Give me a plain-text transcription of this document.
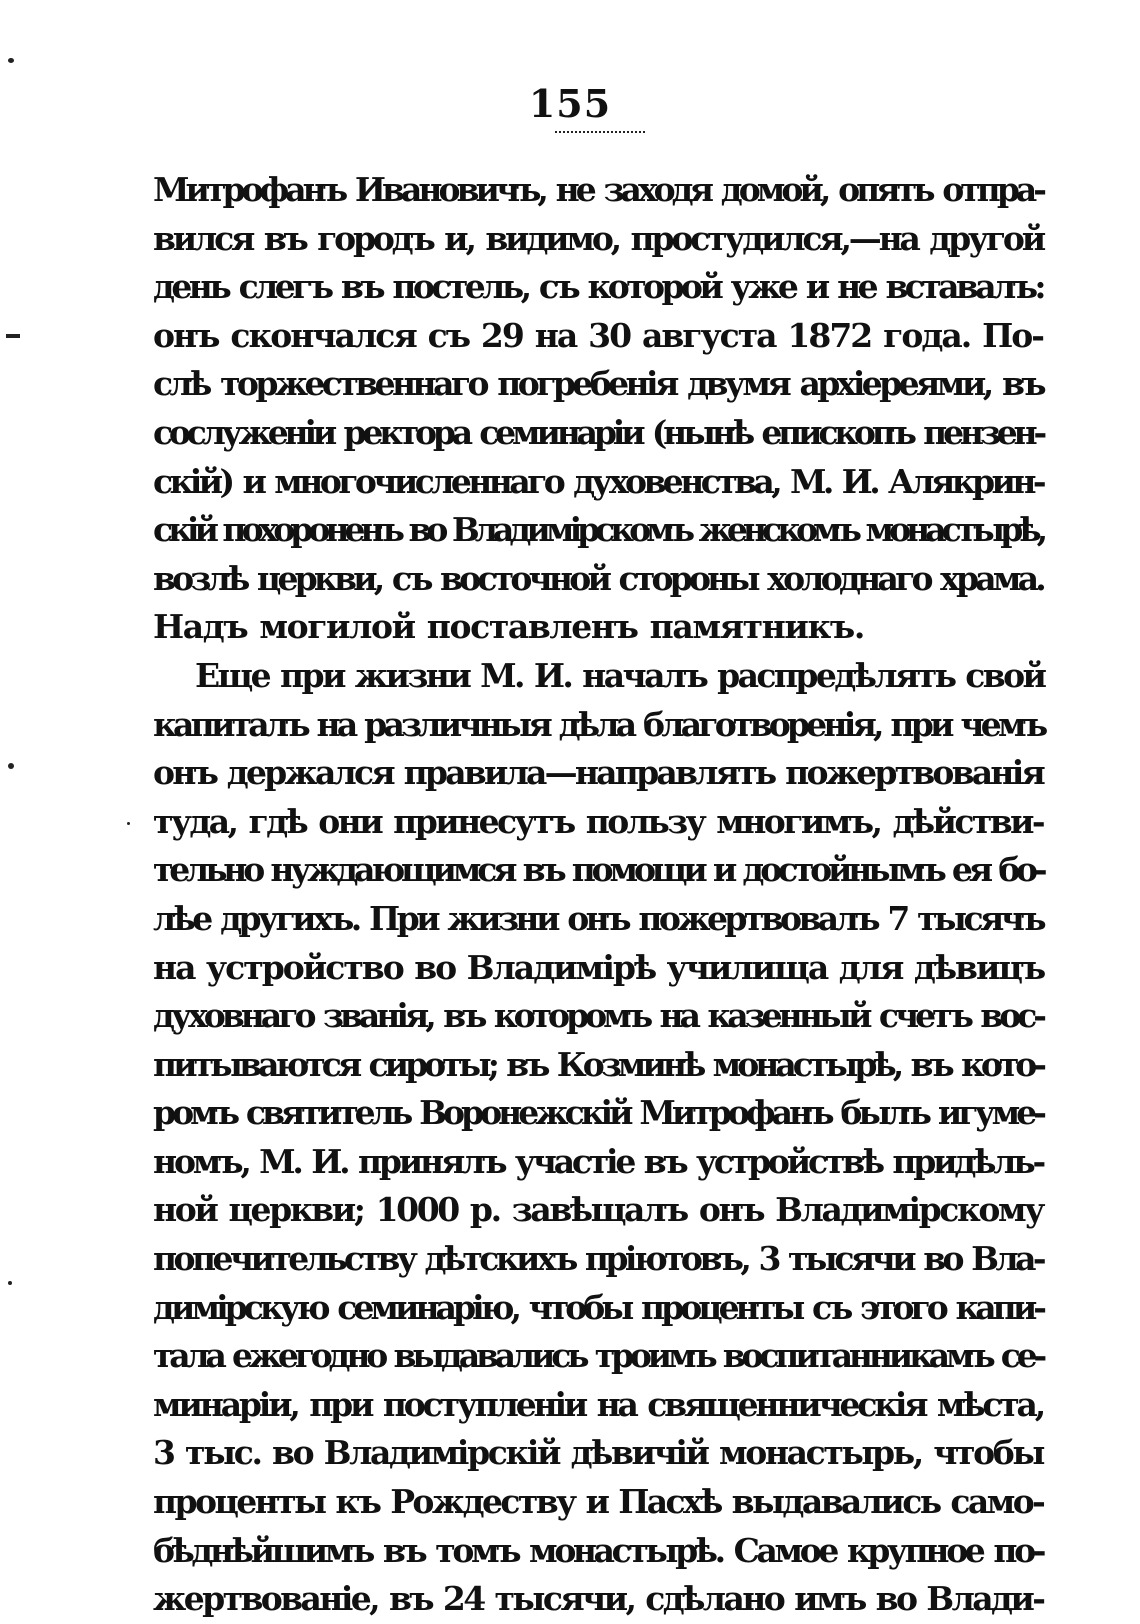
155
Митрофанъ Ивановичъ, не заходя домой, опять отпра-
вился въ городъ и, видимо, простудился,—на другой
день слегъ въ постель, съ которой уже и не вставалъ:
онъ скончался съ 29 на 30 августа 1872 года. По-
слѣ торжественнаго погребенія двумя архіереями, въ
сослуженіи ректора семинаріи (нынѣ епископъ пензен-
скій) и многочисленнаго духовенства, М. И. Алякрин-
скій похороненъ во Владимірскомъ женскомъ монастырѣ,
возлѣ церкви, съ восточной стороны холоднаго храма.
Надъ могилой поставленъ памятникъ.
Еще при жизни М. И. началъ распредѣлять свой
капиталъ на различныя дѣла благотворенія, при чемъ
онъ держался правила—направлять пожертвованія
туда, гдѣ они принесутъ пользу многимъ, дѣйстви-
тельно нуждающимся въ помощи и достойнымъ ея бо-
лѣе другихъ. При жизни онъ пожертвовалъ 7 тысячъ
на устройство во Владимірѣ училища для дѣвицъ
духовнаго званія, въ которомъ на казенный счетъ вос-
питываются сироты; въ Козминѣ монастырѣ, въ кото-
ромъ святитель Воронежскій Митрофанъ былъ игуме-
номъ, М. И. принялъ участіе въ устройствѣ придѣль-
ной церкви; 1000 р. завѣщалъ онъ Владимірскому
попечительству дѣтскихъ пріютовъ, 3 тысячи во Вла-
димірскую семинарію, чтобы проценты съ этого капи-
тала ежегодно выдавались троимъ воспитанникамъ се-
минаріи, при поступленіи на священническія мѣста,
3 тыс. во Владимірскій дѣвичій монастырь, чтобы
проценты къ Рождеству и Пасхѣ выдавались само-
бѣднѣйшимъ въ томъ монастырѣ. Самое крупное по-
жертвованіе, въ 24 тысячи, сдѣлано имъ во Влади-
